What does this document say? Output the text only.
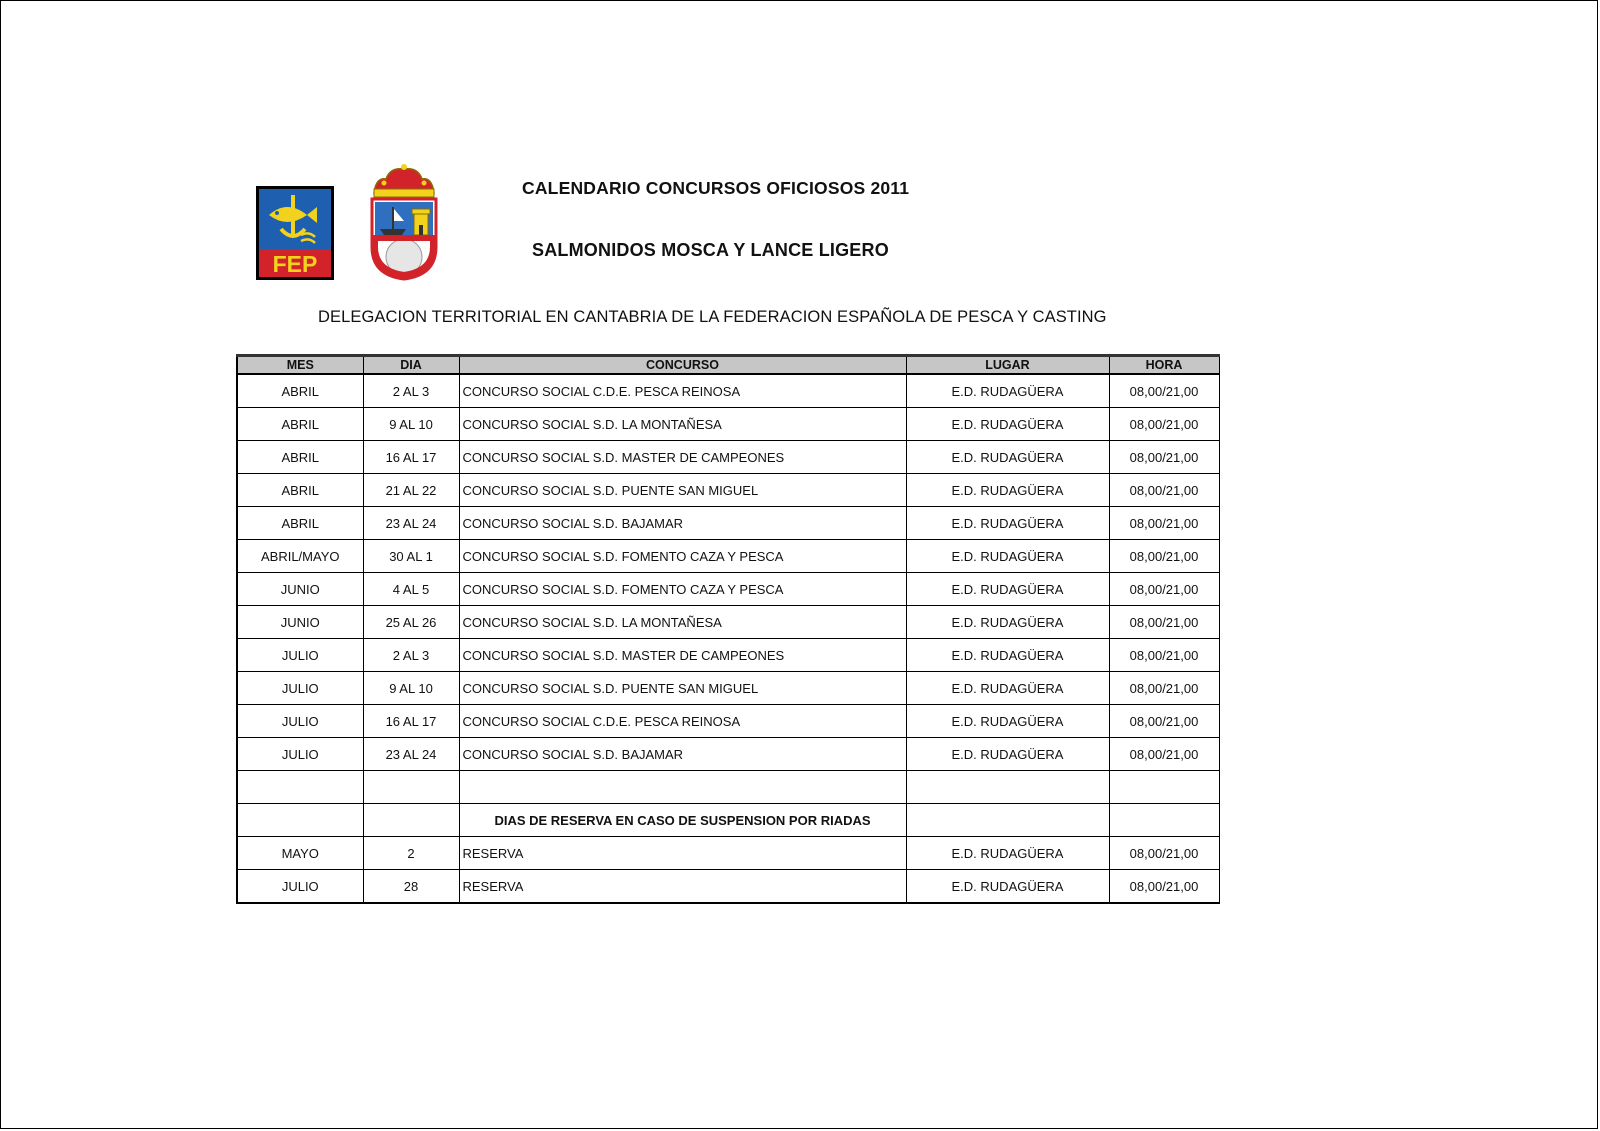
FEP
CALENDARIO CONCURSOS OFICIOSOS 2011
SALMONIDOS MOSCA Y LANCE LIGERO
DELEGACION TERRITORIAL EN CANTABRIA DE LA FEDERACION ESPAÑOLA DE PESCA Y CASTING
MES	DIA	CONCURSO	LUGAR	HORA
ABRIL	2 AL 3	CONCURSO SOCIAL C.D.E. PESCA REINOSA	E.D. RUDAGÜERA	08,00/21,00
ABRIL	9 AL 10	CONCURSO SOCIAL S.D. LA MONTAÑESA	E.D. RUDAGÜERA	08,00/21,00
ABRIL	16 AL 17	CONCURSO SOCIAL S.D. MASTER DE CAMPEONES	E.D. RUDAGÜERA	08,00/21,00
ABRIL	21 AL 22	CONCURSO SOCIAL S.D. PUENTE SAN MIGUEL	E.D. RUDAGÜERA	08,00/21,00
ABRIL	23 AL 24	CONCURSO SOCIAL S.D. BAJAMAR	E.D. RUDAGÜERA	08,00/21,00
ABRIL/MAYO	30 AL 1	CONCURSO SOCIAL S.D. FOMENTO CAZA Y PESCA	E.D. RUDAGÜERA	08,00/21,00
JUNIO	4 AL 5	CONCURSO SOCIAL S.D. FOMENTO CAZA Y PESCA	E.D. RUDAGÜERA	08,00/21,00
JUNIO	25 AL 26	CONCURSO SOCIAL S.D. LA MONTAÑESA	E.D. RUDAGÜERA	08,00/21,00
JULIO	2 AL 3	CONCURSO SOCIAL S.D. MASTER DE CAMPEONES	E.D. RUDAGÜERA	08,00/21,00
JULIO	9 AL 10	CONCURSO SOCIAL S.D. PUENTE SAN MIGUEL	E.D. RUDAGÜERA	08,00/21,00
JULIO	16 AL 17	CONCURSO SOCIAL C.D.E. PESCA REINOSA	E.D. RUDAGÜERA	08,00/21,00
JULIO	23 AL 24	CONCURSO SOCIAL S.D. BAJAMAR	E.D. RUDAGÜERA	08,00/21,00

		DIAS DE RESERVA EN CASO DE SUSPENSION POR RIADAS		
MAYO	2	RESERVA	E.D. RUDAGÜERA	08,00/21,00
JULIO	28	RESERVA	E.D. RUDAGÜERA	08,00/21,00
